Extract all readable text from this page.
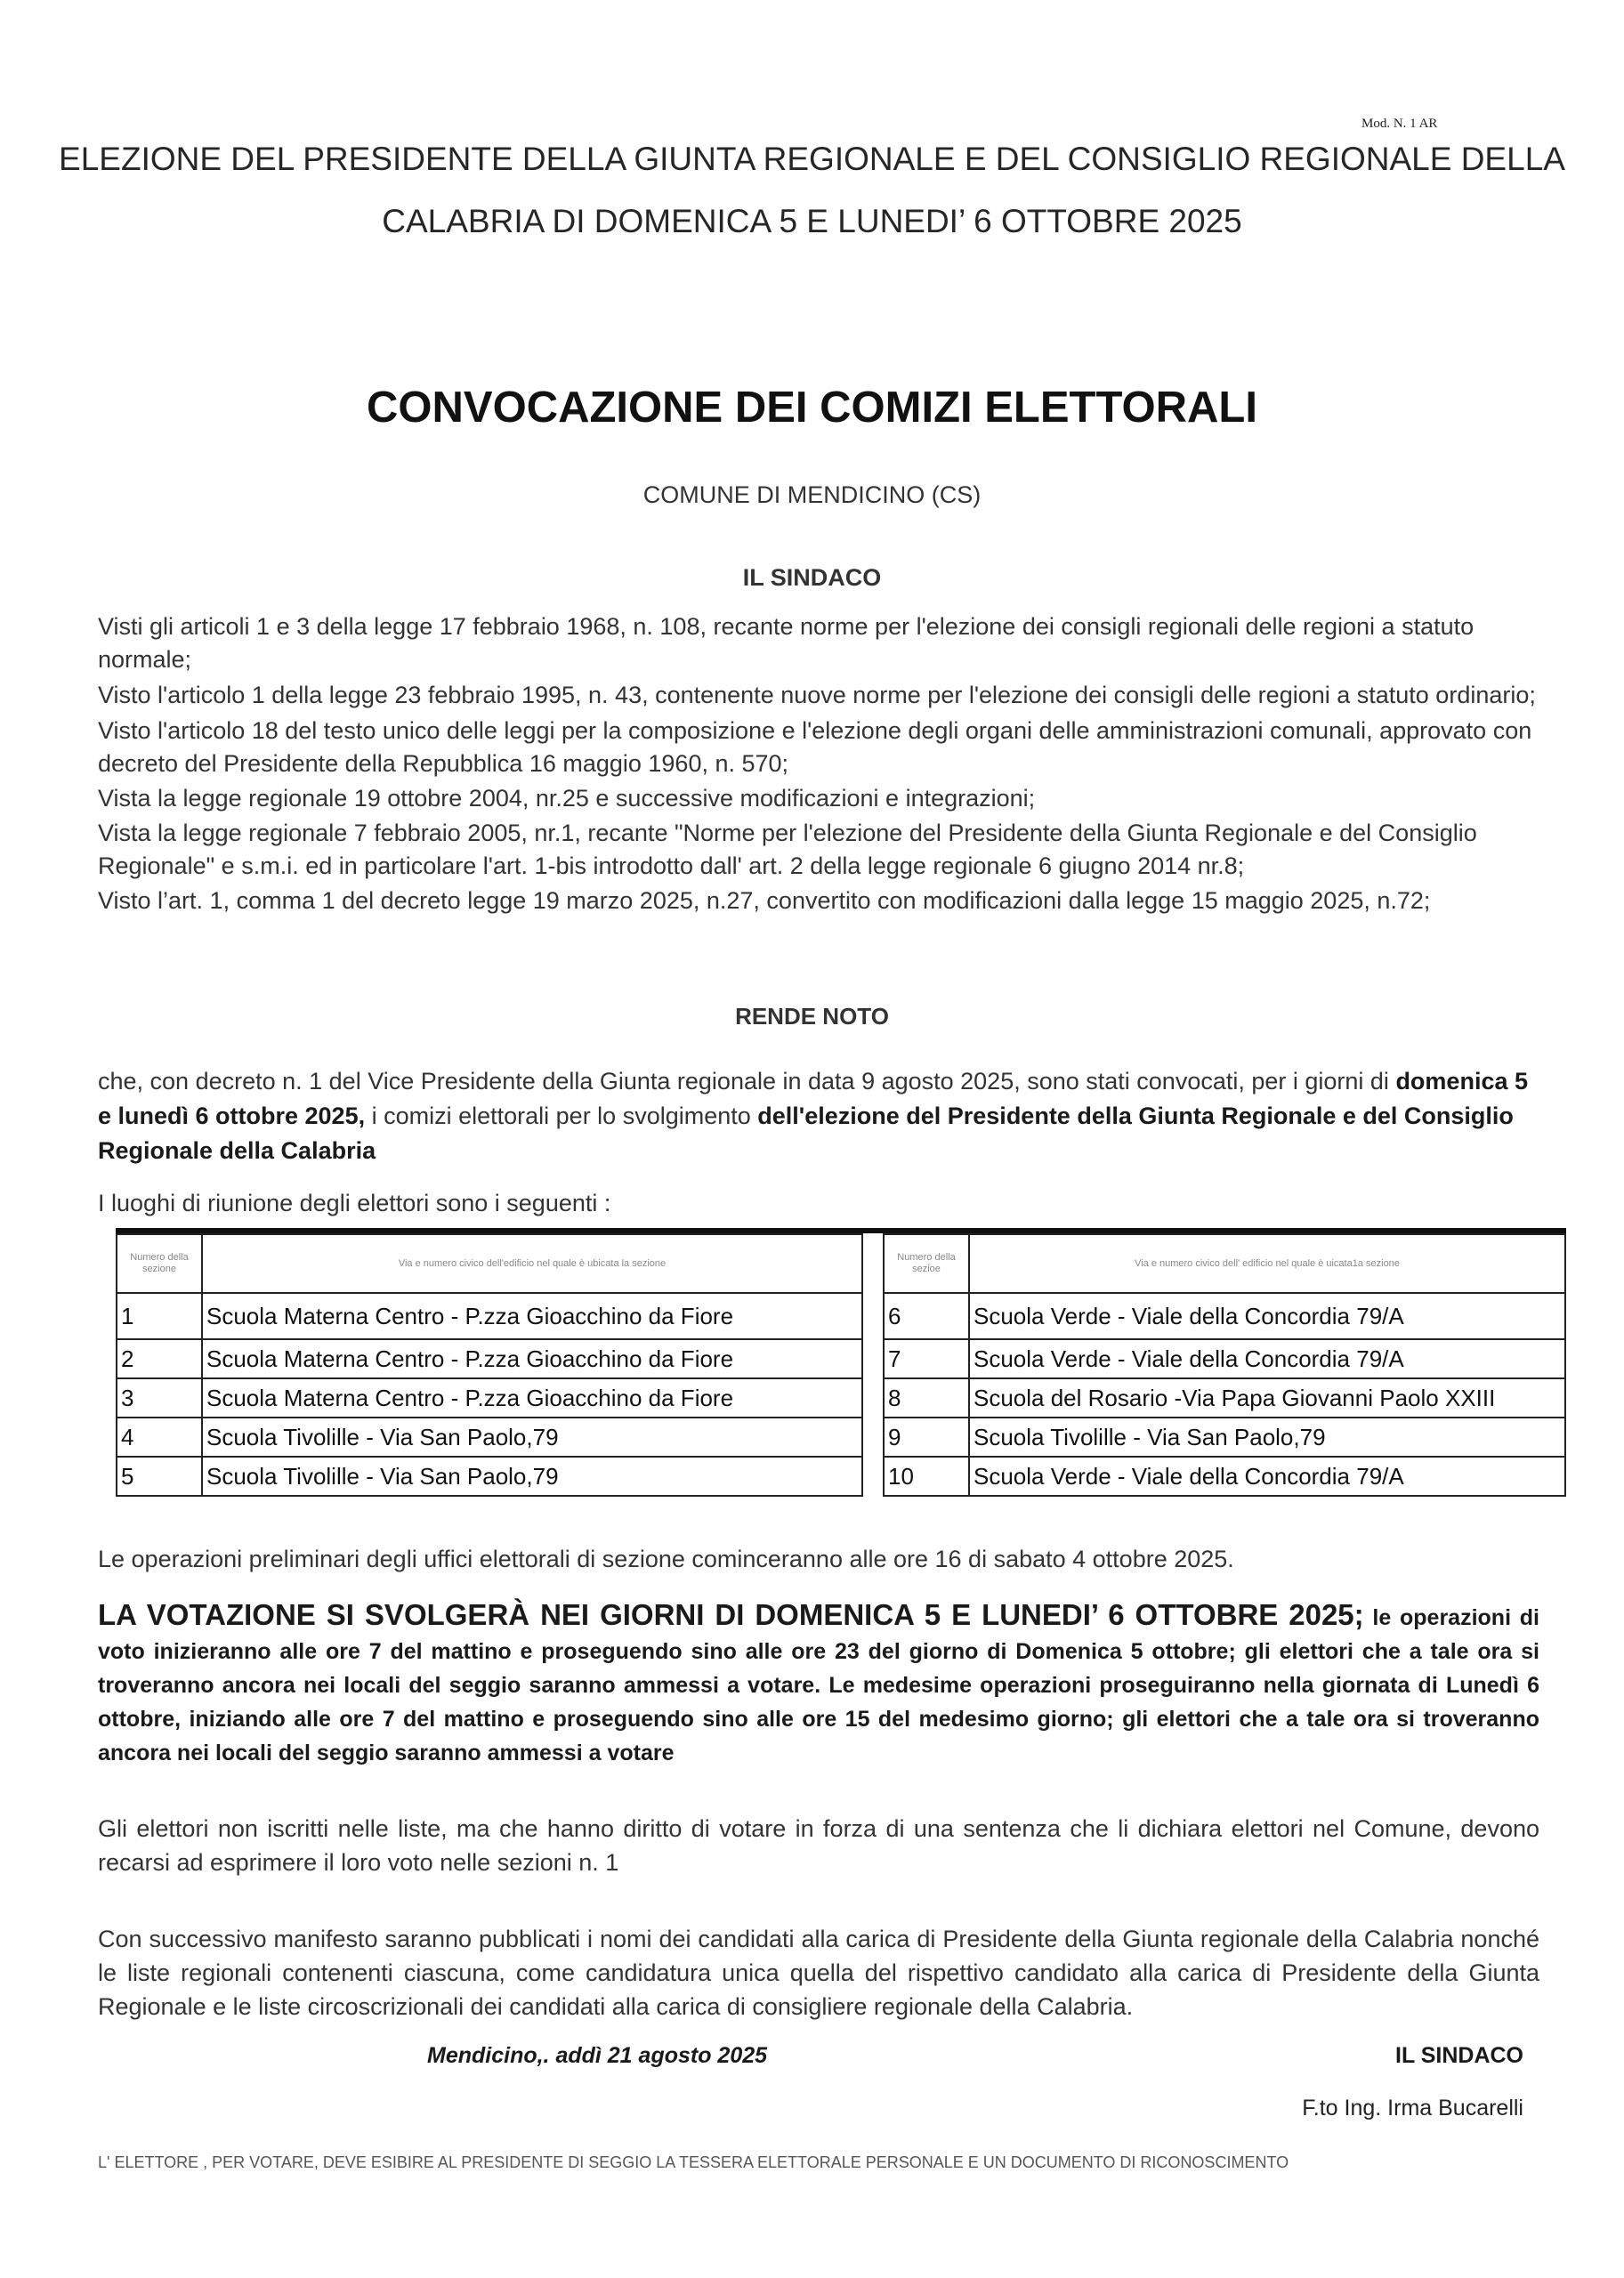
Mod. N. 1 AR
ELEZIONE DEL PRESIDENTE DELLA GIUNTA REGIONALE E DEL CONSIGLIO REGIONALE DELLA
CALABRIA DI DOMENICA 5 E LUNEDI’ 6 OTTOBRE 2025
CONVOCAZIONE DEI COMIZI ELETTORALI
COMUNE DI MENDICINO (CS)
IL SINDACO
Visti gli articoli 1 e 3 della legge 17 febbraio 1968, n. 108, recante norme per l'elezione dei consigli regionali delle regioni a statuto normale;
Visto l'articolo 1 della legge 23 febbraio 1995, n. 43, contenente nuove norme per l'elezione dei consigli delle regioni a statuto ordinario;
Visto l'articolo 18 del testo unico delle leggi per la composizione e l'elezione degli organi delle amministrazioni comunali, approvato con decreto del Presidente della Repubblica 16 maggio 1960, n. 570;
Vista la legge regionale 19 ottobre 2004, nr.25 e successive modificazioni e integrazioni;
Vista la legge regionale 7 febbraio 2005, nr.1, recante "Norme per l'elezione del Presidente della Giunta Regionale e del Consiglio Regionale" e s.m.i. ed in particolare l'art. 1-bis introdotto dall' art. 2 della legge regionale 6 giugno 2014 nr.8;
Visto l’art. 1, comma 1 del decreto legge 19 marzo 2025, n.27, convertito con modificazioni dalla legge 15 maggio 2025, n.72;
RENDE NOTO
che, con decreto n. 1 del Vice Presidente della Giunta regionale in data 9 agosto 2025, sono stati convocati, per i giorni di domenica 5 e lunedì 6 ottobre 2025, i comizi elettorali per lo svolgimento dell'elezione del Presidente della Giunta Regionale e del Consiglio Regionale della Calabria
I luoghi di riunione degli elettori sono i seguenti :
Numero della sezione	Via e numero civico dell'edificio nel quale è ubicata la sezione
1	Scuola Materna Centro - P.zza Gioacchino da Fiore
2	Scuola Materna Centro - P.zza Gioacchino da Fiore
3	Scuola Materna Centro - P.zza Gioacchino da Fiore
4	Scuola Tivolille - Via San Paolo,79
5	Scuola Tivolille - Via San Paolo,79
Numero della sezioe	Via e numero civico dell' edificio nel quale è uicata1a sezione
6	Scuola Verde - Viale della Concordia 79/A
7	Scuola Verde - Viale della Concordia 79/A
8	Scuola del Rosario -Via Papa Giovanni Paolo XXIII
9	Scuola Tivolille - Via San Paolo,79
10	Scuola Verde - Viale della Concordia 79/A
Le operazioni preliminari degli uffici elettorali di sezione cominceranno alle ore 16 di sabato 4 ottobre 2025.
LA VOTAZIONE SI SVOLGERÀ NEI GIORNI DI DOMENICA 5 E LUNEDI’ 6 OTTOBRE 2025; le operazioni di voto inizieranno alle ore 7 del mattino e proseguendo sino alle ore 23 del giorno di Domenica 5 ottobre; gli elettori che a tale ora si troveranno ancora nei locali del seggio saranno ammessi a votare. Le medesime operazioni proseguiranno nella giornata di Lunedì 6 ottobre, iniziando alle ore 7 del mattino e proseguendo sino alle ore 15 del medesimo giorno; gli elettori che a tale ora si troveranno ancora nei locali del seggio saranno ammessi a votare
Gli elettori non iscritti nelle liste, ma che hanno diritto di votare in forza di una sentenza che li dichiara elettori nel Comune, devono recarsi ad esprimere il loro voto nelle sezioni n. 1
Con successivo manifesto saranno pubblicati i nomi dei candidati alla carica di Presidente della Giunta regionale della Calabria nonché le liste regionali contenenti ciascuna, come candidatura unica quella del rispettivo candidato alla carica di Presidente della Giunta Regionale e le liste circoscrizionali dei candidati alla carica di consigliere regionale della Calabria.
Mendicino,. addì 21 agosto 2025	IL SINDACO
F.to Ing. Irma Bucarelli
L' ELETTORE , PER VOTARE, DEVE ESIBIRE AL PRESIDENTE DI SEGGIO LA TESSERA ELETTORALE PERSONALE E UN DOCUMENTO DI RICONOSCIMENTO
